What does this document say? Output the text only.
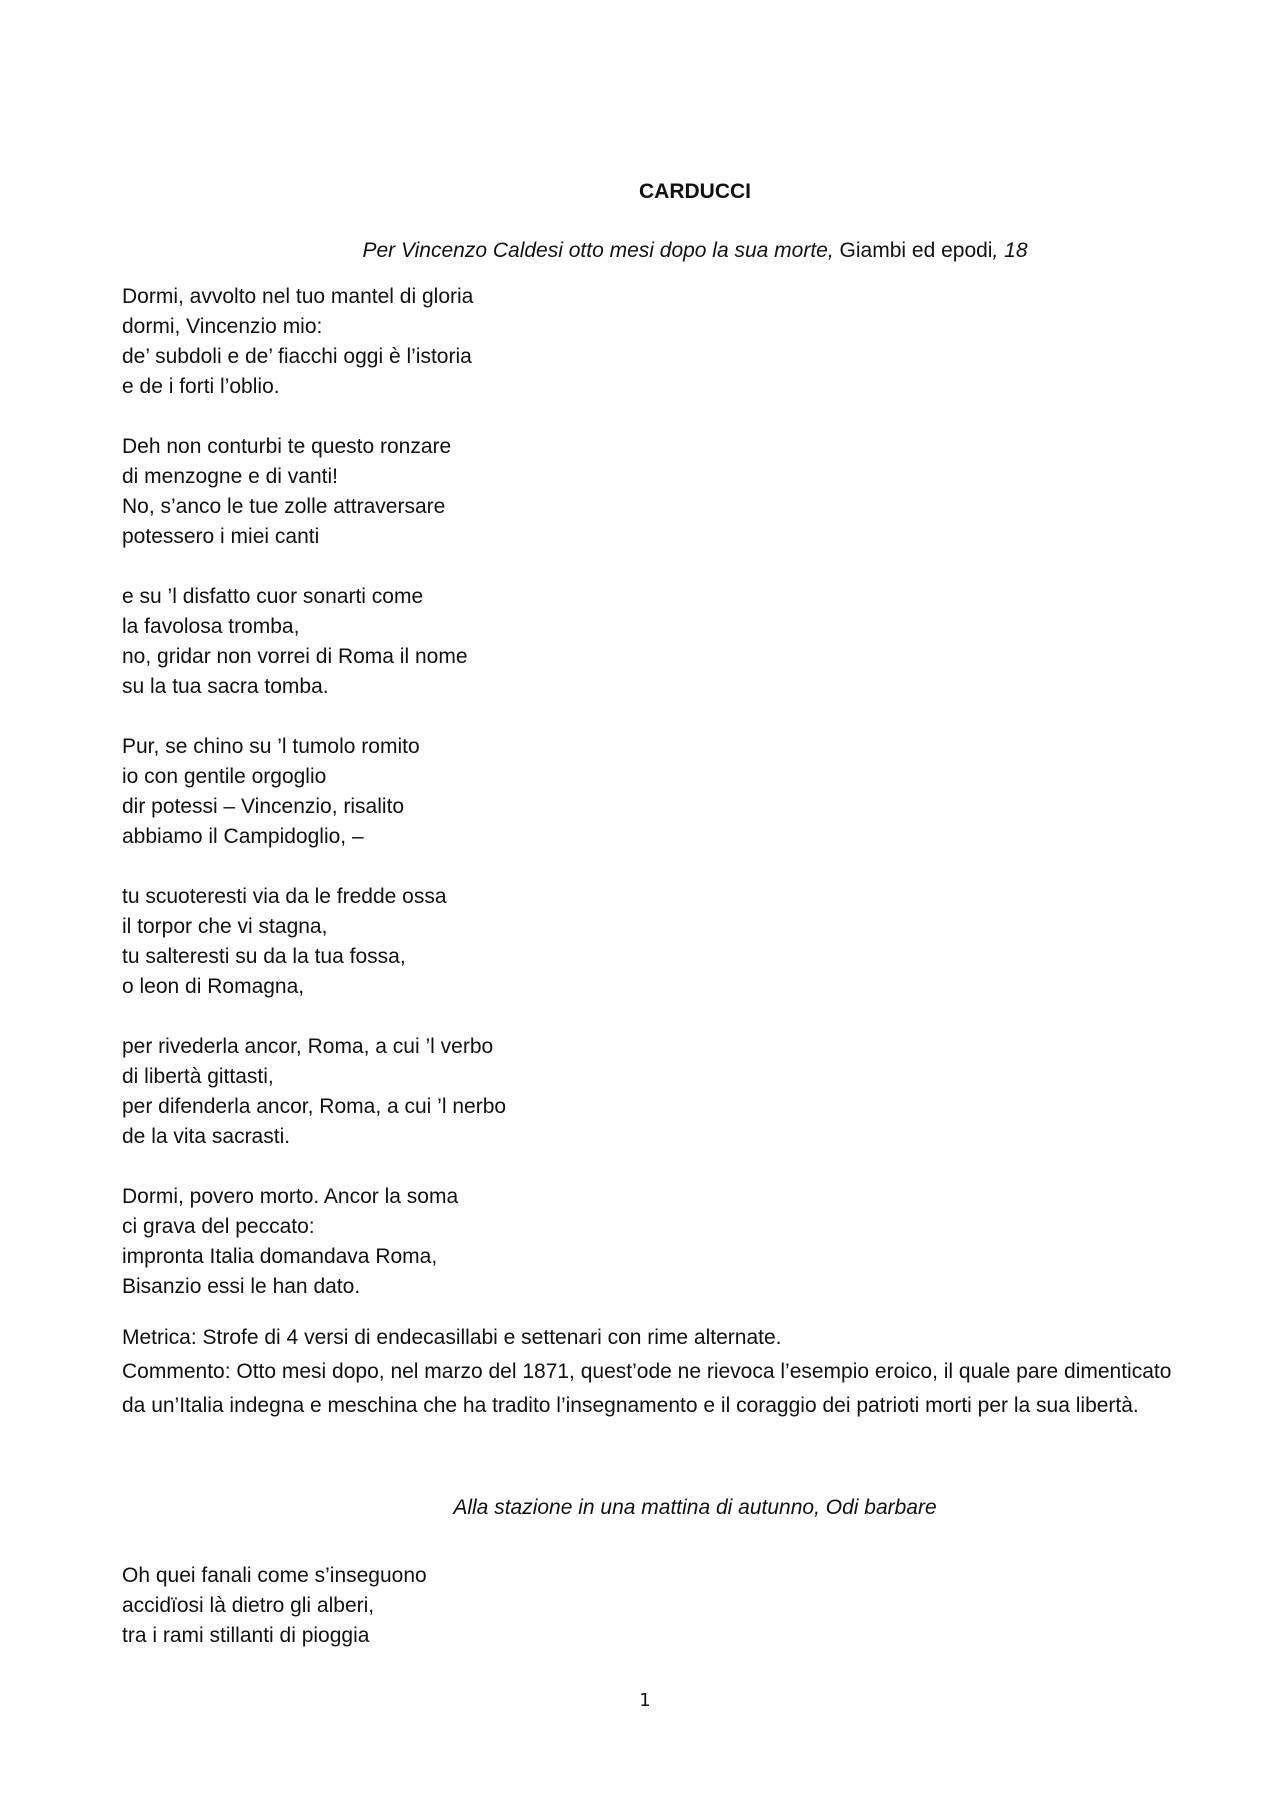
CARDUCCI
Per Vincenzo Caldesi otto mesi dopo la sua morte, Giambi ed epodi, 18
Dormi, avvolto nel tuo mantel di gloria
dormi, Vincenzio mio:
de’ subdoli e de’ fiacchi oggi è l’istoria
e de i forti l’oblio.
Deh non conturbi te questo ronzare
di menzogne e di vanti!
No, s’anco le tue zolle attraversare
potessero i miei canti
e su ’l disfatto cuor sonarti come
la favolosa tromba,
no, gridar non vorrei di Roma il nome
su la tua sacra tomba.
Pur, se chino su ’l tumolo romito
io con gentile orgoglio
dir potessi – Vincenzio, risalito
abbiamo il Campidoglio, –
tu scuoteresti via da le fredde ossa
il torpor che vi stagna,
tu salteresti su da la tua fossa,
o leon di Romagna,
per rivederla ancor, Roma, a cui ’l verbo
di libertà gittasti,
per difenderla ancor, Roma, a cui ’l nerbo
de la vita sacrasti.
Dormi, povero morto. Ancor la soma
ci grava del peccato:
impronta Italia domandava Roma,
Bisanzio essi le han dato.

Metrica: Strofe di 4 versi di endecasillabi e settenari con rime alternate.

Commento: Otto mesi dopo, nel marzo del 1871, quest’ode ne rievoca l’esempio eroico, il quale pare dimenticato da un’Italia indegna e meschina che ha tradito l’insegnamento e il coraggio dei patrioti morti per la sua libertà.

Alla stazione in una mattina di autunno, Odi barbare
Oh quei fanali come s’inseguono
accidïosi là dietro gli alberi,
tra i rami stillanti di pioggia
1
